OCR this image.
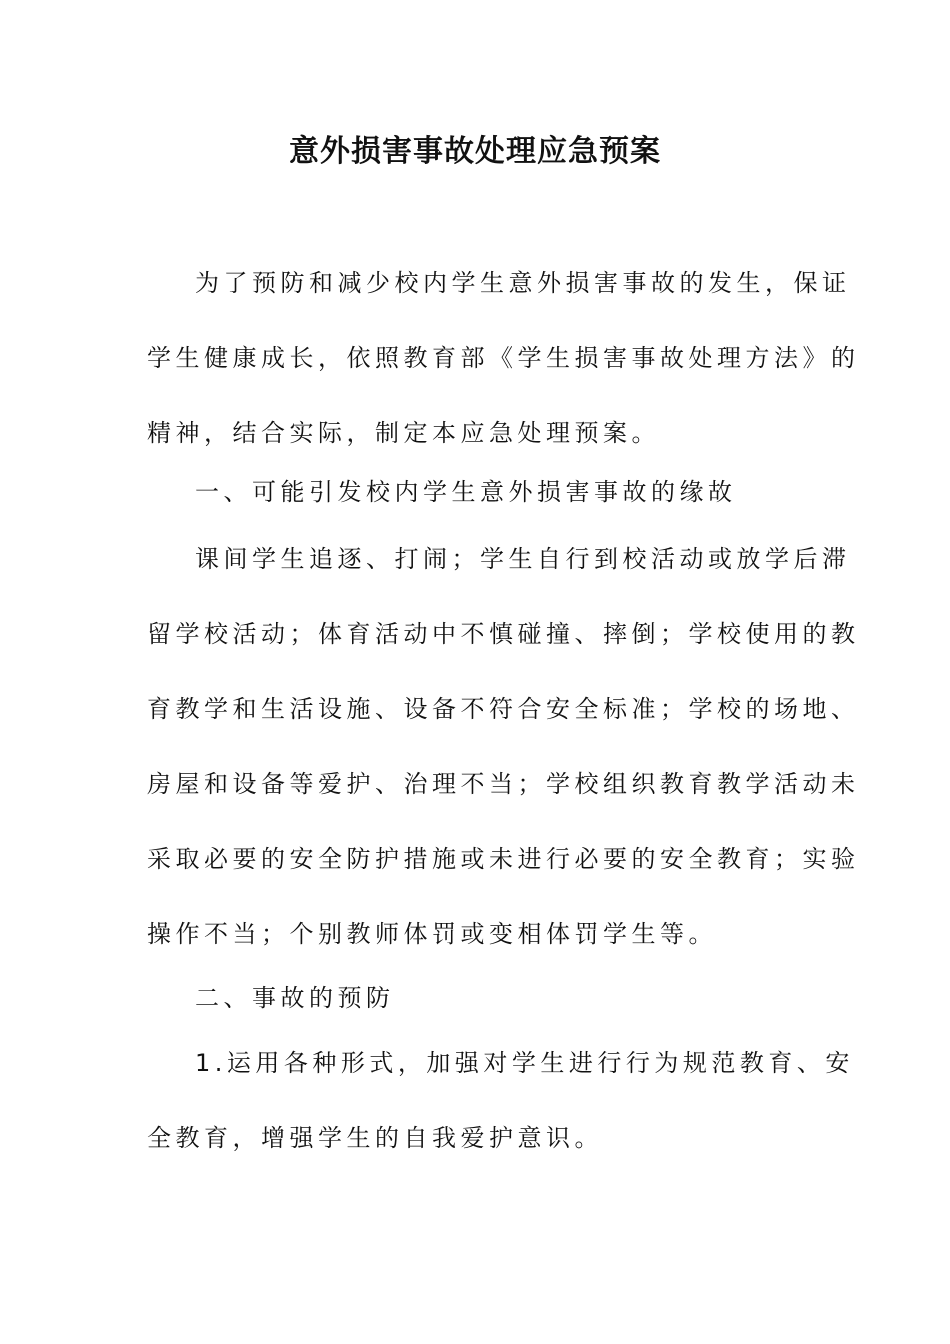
意外损害事故处理应急预案
为了预防和减少校内学生意外损害事故的发生，保证
学生健康成长，依照教育部《学生损害事故处理方法》的
精神，结合实际，制定本应急处理预案。
一、可能引发校内学生意外损害事故的缘故
课间学生追逐、打闹；学生自行到校活动或放学后滞
留学校活动；体育活动中不慎碰撞、摔倒；学校使用的教
育教学和生活设施、设备不符合安全标准；学校的场地、
房屋和设备等爱护、治理不当；学校组织教育教学活动未
采取必要的安全防护措施或未进行必要的安全教育；实验
操作不当；个别教师体罚或变相体罚学生等。
二、事故的预防
1.运用各种形式，加强对学生进行行为规范教育、安
全教育，增强学生的自我爱护意识。
